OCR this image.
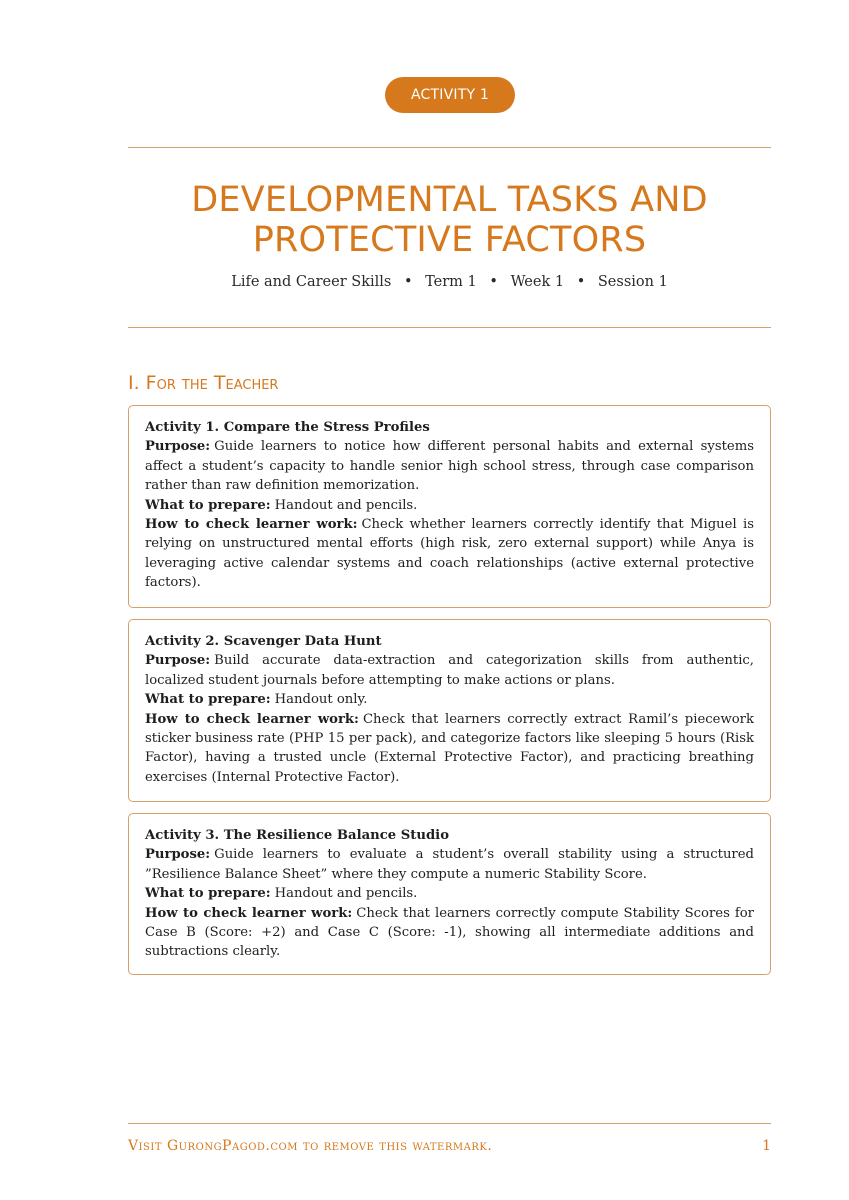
ACTIVITY 1
DEVELOPMENTAL TASKS AND PROTECTIVE FACTORS
Life and Career Skills • Term 1 • Week 1 • Session 1
I. For the Teacher

Activity 1. Compare the Stress Profiles

Purpose: Guide learners to notice how different personal habits and external systems affect a student’s capacity to handle senior high school stress, through case comparison rather than raw definition memorization.

What to prepare: Handout and pencils.

How to check learner work: Check whether learners correctly identify that Miguel is relying on unstructured mental efforts (high risk, zero external support) while Anya is leveraging active calendar systems and coach relationships (active external protective factors).

Activity 2. Scavenger Data Hunt

Purpose: Build accurate data-extraction and categorization skills from authentic, localized student journals before attempting to make actions or plans.

What to prepare: Handout only.

How to check learner work: Check that learners correctly extract Ramil’s piecework sticker business rate (PHP 15 per pack), and categorize factors like sleeping 5 hours (Risk Factor), having a trusted uncle (External Protective Factor), and practicing breathing exercises (Internal Protective Factor).

Activity 3. The Resilience Balance Studio

Purpose: Guide learners to evaluate a student’s overall stability using a structured ”Resilience Balance Sheet” where they compute a numeric Stability Score.

What to prepare: Handout and pencils.

How to check learner work: Check that learners correctly compute Stability Scores for Case B (Score: +2) and Case C (Score: -1), showing all intermediate additions and subtractions clearly.

Visit GurongPagod.com to remove this watermark.	1
